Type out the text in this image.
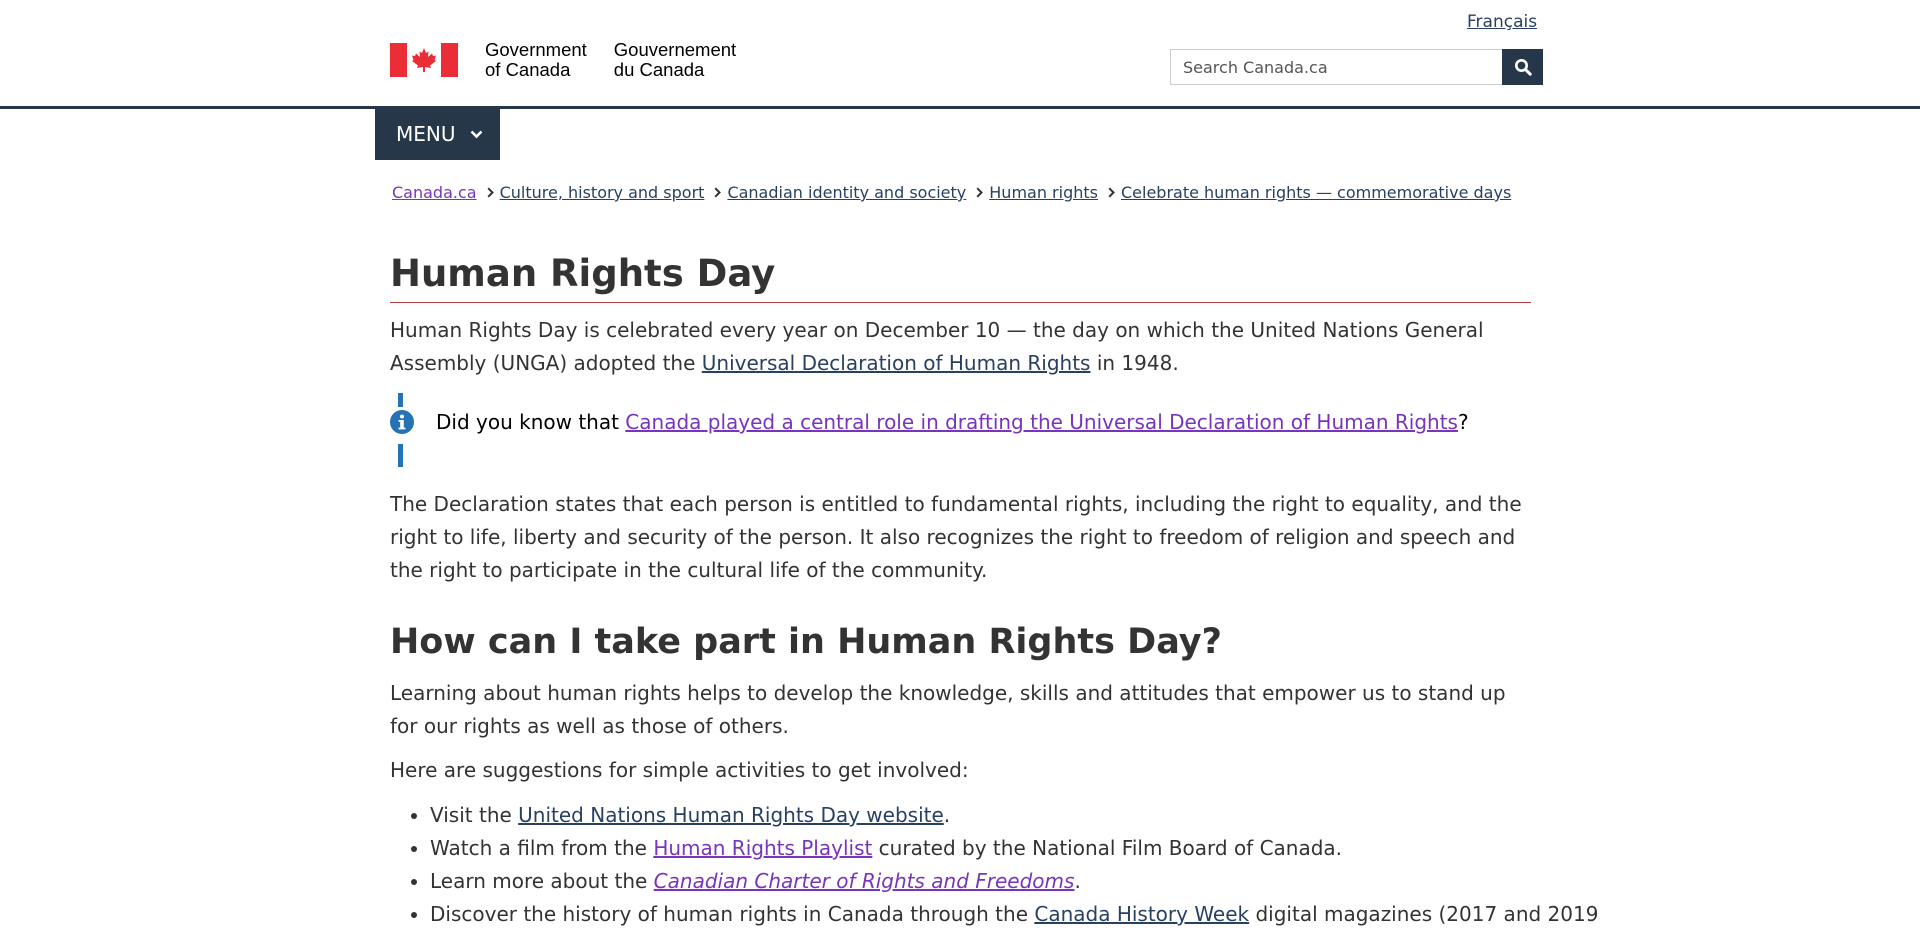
Français
Government
of Canada
Gouvernement
du Canada
Search Canada.ca
MENU
Canada.ca Culture, history and sport Canadian identity and society Human rights Celebrate human rights — commemorative days
Human Rights Day

Human Rights Day is celebrated every year on December 10 — the day on which the United Nations General Assembly (UNGA) adopted the Universal Declaration of Human Rights in 1948.

Did you know that Canada played a central role in drafting the Universal Declaration of Human Rights?

The Declaration states that each person is entitled to fundamental rights, including the right to equality, and the right to life, liberty and security of the person. It also recognizes the right to freedom of religion and speech and the right to participate in the cultural life of the community.

How can I take part in Human Rights Day?

Learning about human rights helps to develop the knowledge, skills and attitudes that empower us to stand up for our rights as well as those of others.

Here are suggestions for simple activities to get involved:

• Visit the United Nations Human Rights Day website.
• Watch a film from the Human Rights Playlist curated by the National Film Board of Canada.
• Learn more about the Canadian Charter of Rights and Freedoms.
• Discover the history of human rights in Canada through the Canada History Week digital magazines (2017 and 2019
